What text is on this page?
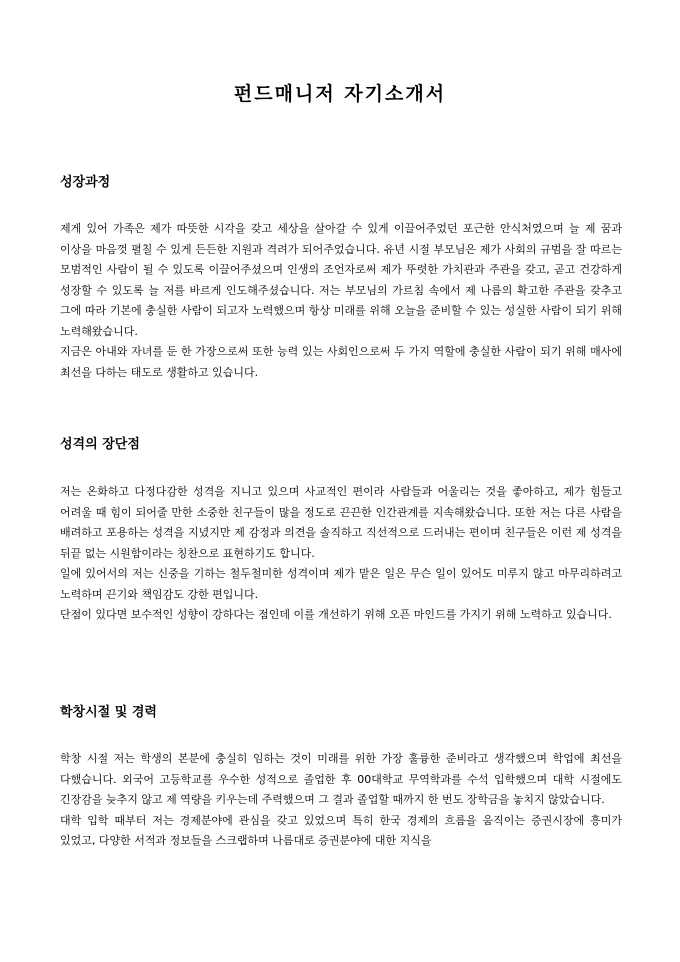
펀드매니저 자기소개서
성장과정

제게 있어 가족은 제가 따뜻한 시각을 갖고 세상을 살아갈 수 있게 이끌어주었던 포근한 안식처였으며 늘 제 꿈과 이상을 마음껏 펼칠 수 있게 든든한 지원과 격려가 되어주었습니다. 유년 시절 부모님은 제가 사회의 규범을 잘 따르는 모범적인 사람이 될 수 있도록 이끌어주셨으며 인생의 조언자로써 제가 뚜렷한 가치관과 주관을 갖고, 곧고 건강하게 성장할 수 있도록 늘 저를 바르게 인도해주셨습니다. 저는 부모님의 가르침 속에서 제 나름의 확고한 주관을 갖추고 그에 따라 기본에 충실한 사람이 되고자 노력했으며 항상 미래를 위해 오늘을 준비할 수 있는 성실한 사람이 되기 위해 노력해왔습니다.

지금은 아내와 자녀를 둔 한 가장으로써 또한 능력 있는 사회인으로써 두 가지 역할에 충실한 사람이 되기 위해 매사에 최선을 다하는 태도로 생활하고 있습니다.

성격의 장단점

저는 온화하고 다정다감한 성격을 지니고 있으며 사교적인 편이라 사람들과 어울리는 것을 좋아하고, 제가 힘들고 어려울 때 힘이 되어줄 만한 소중한 친구들이 많을 정도로 끈끈한 인간관계를 지속해왔습니다. 또한 저는 다른 사람을 배려하고 포용하는 성격을 지녔지만 제 감정과 의견을 솔직하고 직선적으로 드러내는 편이며 친구들은 이런 제 성격을 뒤끝 없는 시원함이라는 칭찬으로 표현하기도 합니다.

일에 있어서의 저는 신중을 기하는 철두철미한 성격이며 제가 맡은 일은 무슨 일이 있어도 미루지 않고 마무리하려고 노력하며 끈기와 책임감도 강한 편입니다.

단점이 있다면 보수적인 성향이 강하다는 점인데 이를 개선하기 위해 오픈 마인드를 가지기 위해 노력하고 있습니다.

학창시절 및 경력

학창 시절 저는 학생의 본분에 충실히 임하는 것이 미래를 위한 가장 훌륭한 준비라고 생각했으며 학업에 최선을 다했습니다. 외국어 고등학교를 우수한 성적으로 졸업한 후 00대학교 무역학과를 수석 입학했으며 대학 시절에도 긴장감을 늦추지 않고 제 역량을 키우는데 주력했으며 그 결과 졸업할 때까지 한 번도 장학금을 놓치지 않았습니다.

대학 입학 때부터 저는 경제분야에 관심을 갖고 있었으며 특히 한국 경제의 흐름을 움직이는 증권시장에 흥미가 있었고, 다양한 서적과 정보들을 스크랩하며 나름대로 증권분야에 대한 지식을
